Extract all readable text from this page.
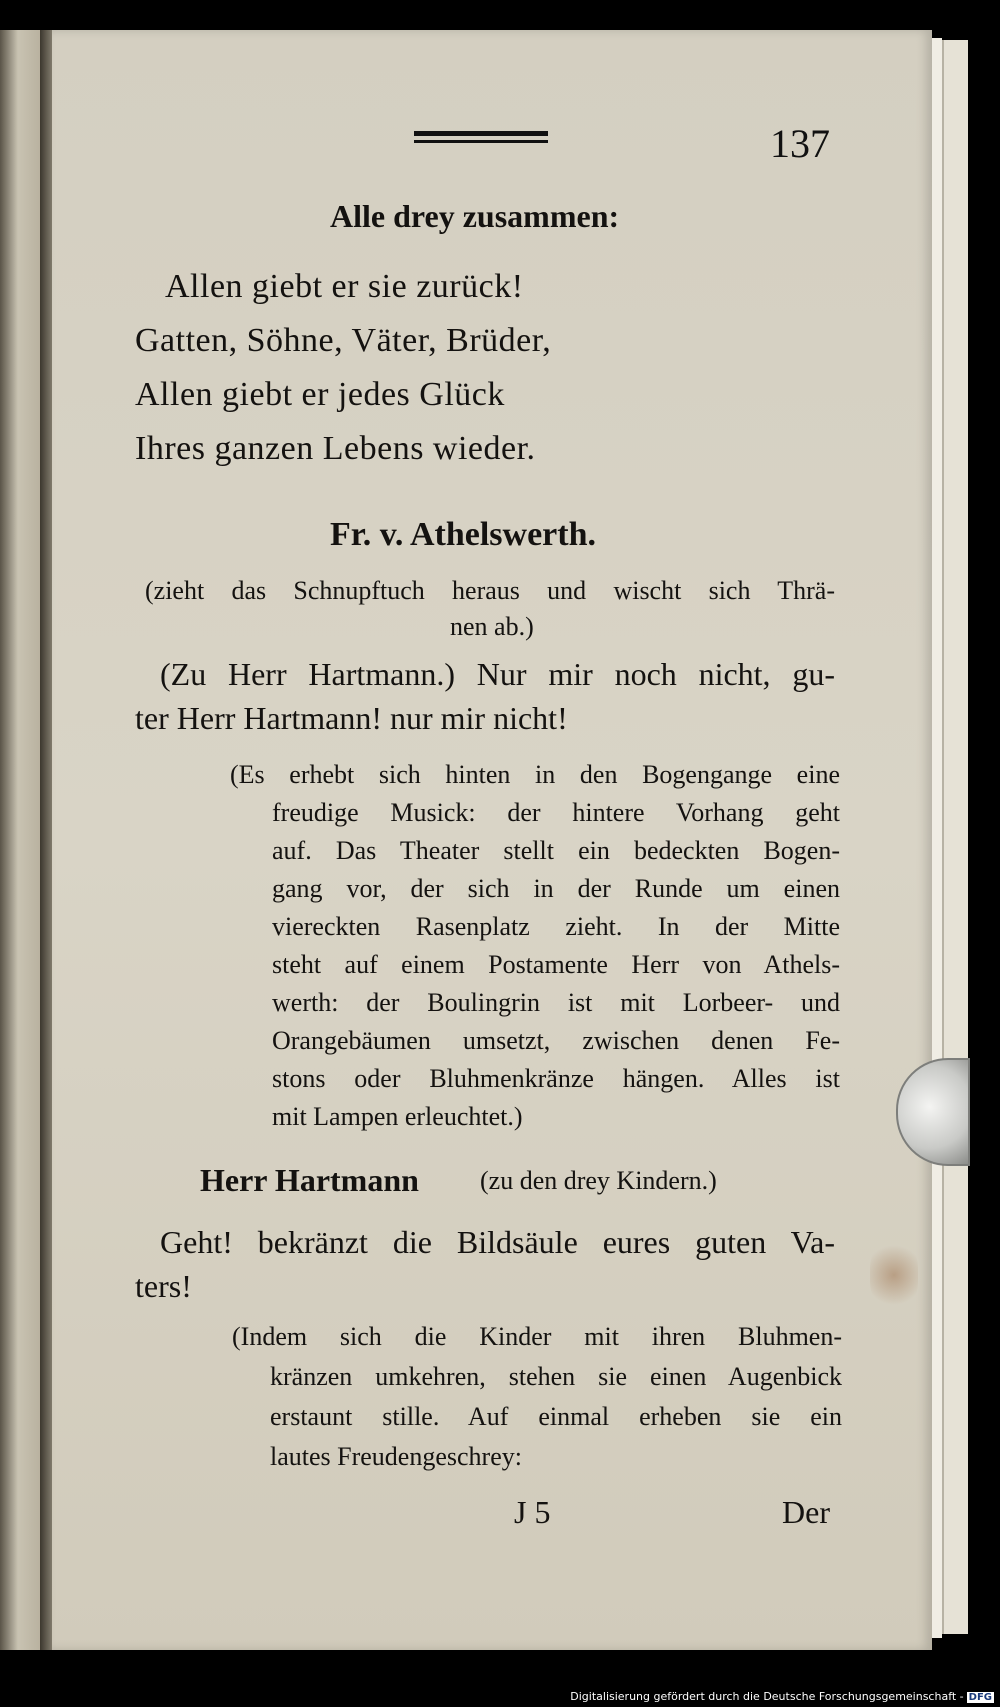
137
Alle drey zusammen:
Allen giebt er sie zurück!
Gatten, Söhne, Väter, Brüder,
Allen giebt er jedes Glück
Ihres ganzen Lebens wieder.
Fr. v. Athelswerth.
(zieht das Schnupftuch heraus und wischt sich Thrä-
nen ab.)
(Zu Herr Hartmann.) Nur mir noch nicht, gu-
ter Herr Hartmann! nur mir nicht!
(Es erhebt sich hinten in den Bogengange eine
freudige Musick: der hintere Vorhang geht
auf. Das Theater stellt ein bedeckten Bogen-
gang vor, der sich in der Runde um einen
viereckten Rasenplatz zieht. In der Mitte
steht auf einem Postamente Herr von Athels-
werth: der Boulingrin ist mit Lorbeer- und
Orangebäumen umsetzt, zwischen denen Fe-
stons oder Bluhmenkränze hängen. Alles ist
mit Lampen erleuchtet.)
Herr Hartmann (zu den drey Kindern.)
Geht! bekränzt die Bildsäule eures guten Va-
ters!
(Indem sich die Kinder mit ihren Bluhmen-
kränzen umkehren, stehen sie einen Augenbick
erstaunt stille. Auf einmal erheben sie ein
lautes Freudengeschrey:
J 5	Der
Digitalisierung gefördert durch die Deutsche Forschungsgemeinschaft - DFG
